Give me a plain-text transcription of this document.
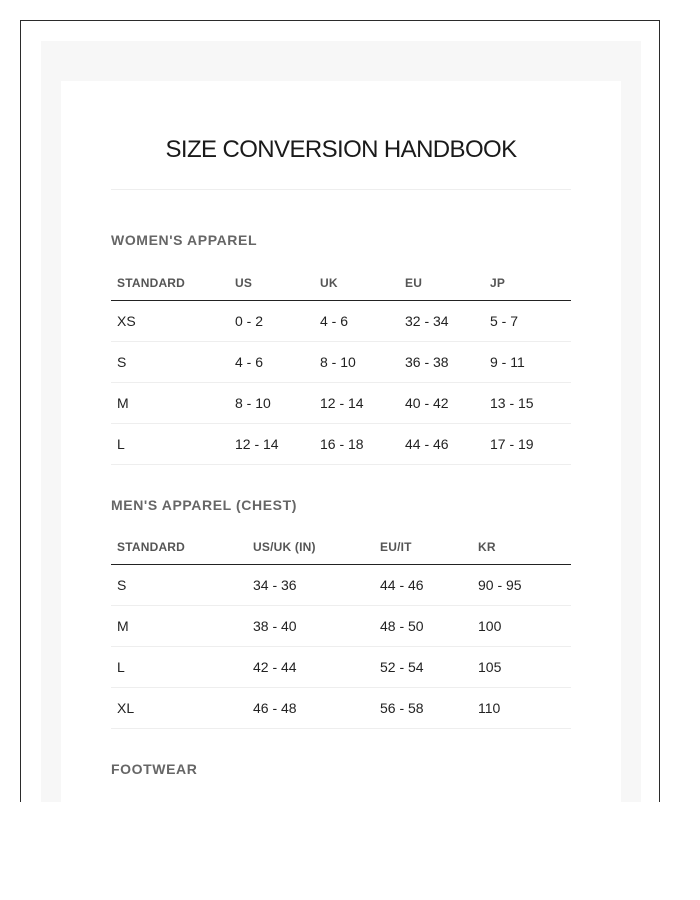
SIZE CONVERSION HANDBOOK
WOMEN'S APPAREL
STANDARD	US	UK	EU	JP
XS	0 - 2	4 - 6	32 - 34	5 - 7
S	4 - 6	8 - 10	36 - 38	9 - 11
M	8 - 10	12 - 14	40 - 42	13 - 15
L	12 - 14	16 - 18	44 - 46	17 - 19
MEN'S APPAREL (CHEST)
STANDARD	US/UK (IN)	EU/IT	KR
S	34 - 36	44 - 46	90 - 95
M	38 - 40	48 - 50	100
L	42 - 44	52 - 54	105
XL	46 - 48	56 - 58	110
FOOTWEAR
